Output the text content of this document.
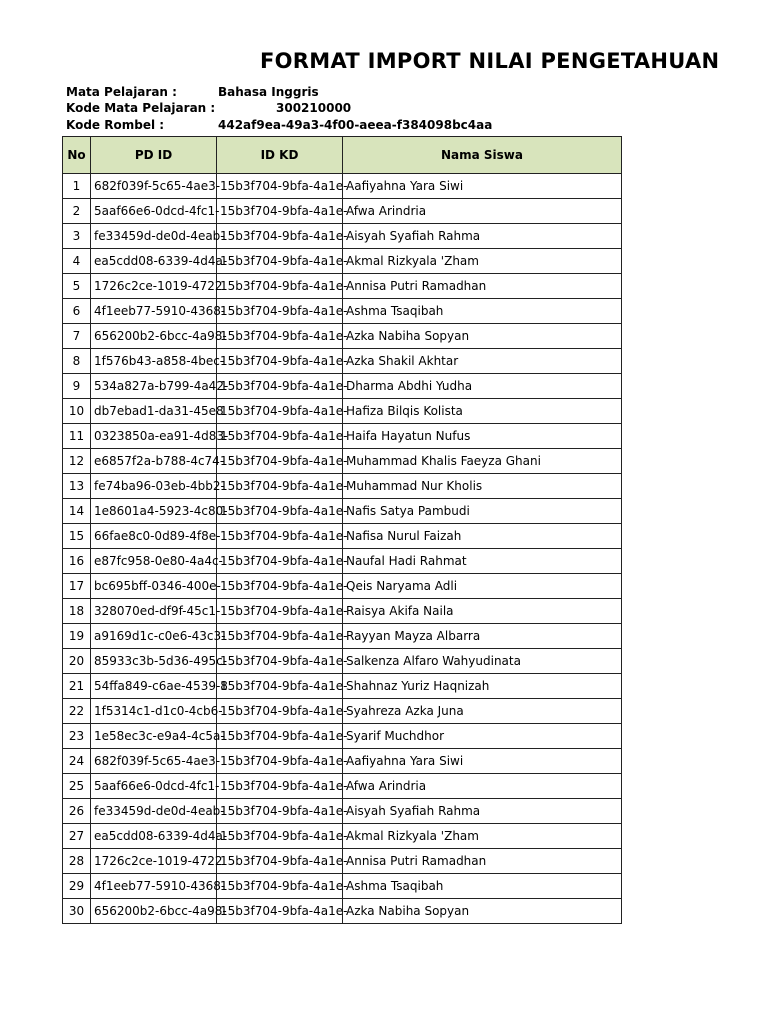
FORMAT IMPORT NILAI PENGETAHUAN
Mata Pelajaran :	Bahasa Inggris
Kode Mata Pelajaran :	300210000
Kode Rombel :	442af9ea-49a3-4f00-aeea-f384098bc4aa
No	PD ID	ID KD	Nama Siswa
1	682f039f-5c65-4ae3-	15b3f704-9bfa-4a1e-	Aafiyahna Yara Siwi
2	5aaf66e6-0dcd-4fc1-	15b3f704-9bfa-4a1e-	Afwa Arindria
3	fe33459d-de0d-4eab-	15b3f704-9bfa-4a1e-	Aisyah Syafiah Rahma
4	ea5cdd08-6339-4d4a-	15b3f704-9bfa-4a1e-	Akmal Rizkyala 'Zham
5	1726c2ce-1019-4722	15b3f704-9bfa-4a1e-	Annisa Putri Ramadhan
6	4f1eeb77-5910-4368-	15b3f704-9bfa-4a1e-	Ashma Tsaqibah
7	656200b2-6bcc-4a98-	15b3f704-9bfa-4a1e-	Azka Nabiha Sopyan
8	1f576b43-a858-4bec-	15b3f704-9bfa-4a1e-	Azka Shakil Akhtar
9	534a827a-b799-4a42-	15b3f704-9bfa-4a1e-	Dharma Abdhi Yudha
10	db7ebad1-da31-45e8	15b3f704-9bfa-4a1e-	Hafiza Bilqis Kolista
11	0323850a-ea91-4d83-	15b3f704-9bfa-4a1e-	Haifa Hayatun Nufus
12	e6857f2a-b788-4c74-	15b3f704-9bfa-4a1e-	Muhammad Khalis Faeyza Ghani
13	fe74ba96-03eb-4bb2-	15b3f704-9bfa-4a1e-	Muhammad Nur Kholis
14	1e8601a4-5923-4c80-	15b3f704-9bfa-4a1e-	Nafis Satya Pambudi
15	66fae8c0-0d89-4f8e-	15b3f704-9bfa-4a1e-	Nafisa Nurul Faizah
16	e87fc958-0e80-4a4c-	15b3f704-9bfa-4a1e-	Naufal Hadi Rahmat
17	bc695bff-0346-400e-	15b3f704-9bfa-4a1e-	Qeis Naryama Adli
18	328070ed-df9f-45c1-	15b3f704-9bfa-4a1e-	Raisya Akifa Naila
19	a9169d1c-c0e6-43c3-	15b3f704-9bfa-4a1e-	Rayyan Mayza Albarra
20	85933c3b-5d36-495c-	15b3f704-9bfa-4a1e-	Salkenza Alfaro Wahyudinata
21	54ffa849-c6ae-4539-8	15b3f704-9bfa-4a1e-	Shahnaz Yuriz Haqnizah
22	1f5314c1-d1c0-4cb6-	15b3f704-9bfa-4a1e-	Syahreza Azka Juna
23	1e58ec3c-e9a4-4c5a-	15b3f704-9bfa-4a1e-	Syarif Muchdhor
24	682f039f-5c65-4ae3-	15b3f704-9bfa-4a1e-	Aafiyahna Yara Siwi
25	5aaf66e6-0dcd-4fc1-	15b3f704-9bfa-4a1e-	Afwa Arindria
26	fe33459d-de0d-4eab-	15b3f704-9bfa-4a1e-	Aisyah Syafiah Rahma
27	ea5cdd08-6339-4d4a-	15b3f704-9bfa-4a1e-	Akmal Rizkyala 'Zham
28	1726c2ce-1019-4722	15b3f704-9bfa-4a1e-	Annisa Putri Ramadhan
29	4f1eeb77-5910-4368-	15b3f704-9bfa-4a1e-	Ashma Tsaqibah
30	656200b2-6bcc-4a98-	15b3f704-9bfa-4a1e-	Azka Nabiha Sopyan
